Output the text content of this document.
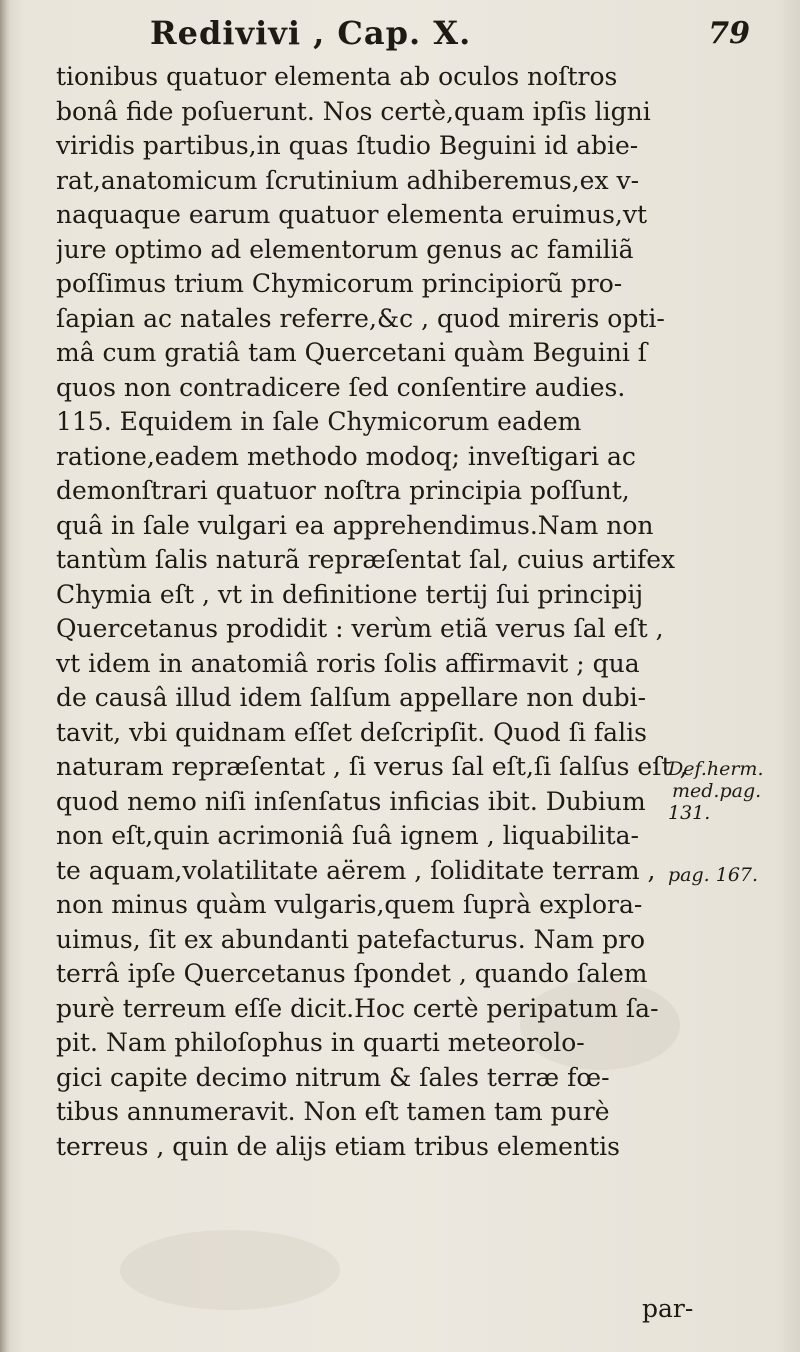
Redivivi , Cap. X.	79
tionibus quatuor elementa ab oculos noſtros
bonâ fide poſuerunt. Nos certè,quam ipſis ligni
viridis partibus,in quas ſtudio Beguini id abie-
rat,anatomicum ſcrutinium adhiberemus,ex v-
naquaque earum quatuor elementa eruimus,vt
jure optimo ad elementorum genus ac familiã
poſſimus trium Chymicorum principiorũ pro-
ſapian ac natales referre,&c , quod mireris opti-
mâ cum gratiâ tam Quercetani quàm Beguini ſ
quos non contradicere ſed conſentire audies.
115. Equidem in ſale Chymicorum eadem
ratione,eadem methodo modoq; inveſtigari ac
demonſtrari quatuor noſtra principia poſſunt,
quâ in ſale vulgari ea apprehendimus.Nam non
tantùm ſalis naturã repræſentat ſal, cuius artifex
Chymia eſt , vt in definitione tertij ſui principij
Quercetanus prodidit : verùm etiã verus ſal eſt ,
vt idem in anatomiâ roris ſolis affirmavit ; qua
de causâ illud idem ſalſum appellare non dubi-
tavit, vbi quidnam eſſet deſcripſit. Quod ſi falis
naturam repræſentat , ſi verus ſal eſt,ſi ſalſus eſt ,
quod nemo niſi inſenſatus inficias ibit. Dubium
non eſt,quin acrimoniâ ſuâ ignem , liquabilita-
te aquam,volatilitate aërem , ſoliditate terram ,
non minus quàm vulgaris,quem ſuprà explora-
uimus, ſit ex abundanti patefacturus. Nam pro
terrâ ipſe Quercetanus ſpondet , quando ſalem
purè terreum eſſe dicit.Hoc certè peripatum ſa-
pit. Nam philoſophus in quarti meteorolo-
gici capite decimo nitrum & ſales terræ fœ-
tibus annumeravit. Non eſt tamen tam purè
terreus , quin de alijs etiam tribus elementis
Def.herm.
med.pag.
131.
pag. 167.
par-
